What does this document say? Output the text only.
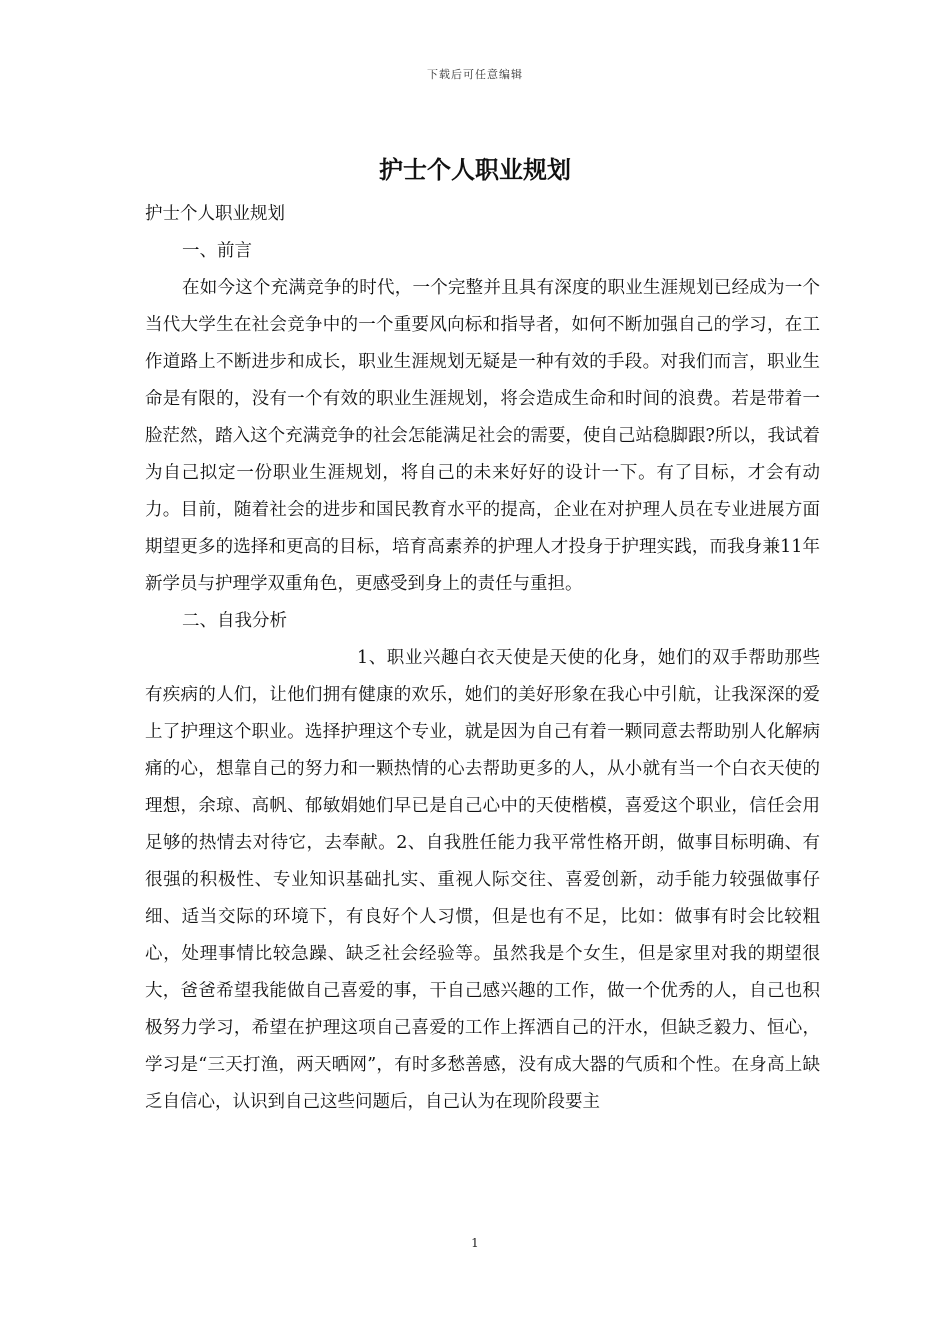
下载后可任意编辑
护士个人职业规划

护士个人职业规划

一、前言

在如今这个充满竞争的时代，一个完整并且具有深度的职业生涯规划已经成为一个当代大学生在社会竞争中的一个重要风向标和指导者，如何不断加强自己的学习，在工作道路上不断进步和成长，职业生涯规划无疑是一种有效的手段。对我们而言，职业生命是有限的，没有一个有效的职业生涯规划，将会造成生命和时间的浪费。若是带着一脸茫然，踏入这个充满竞争的社会怎能满足社会的需要，使自己站稳脚跟?所以，我试着为自己拟定一份职业生涯规划，将自己的未来好好的设计一下。有了目标，才会有动力。目前，随着社会的进步和国民教育水平的提高，企业在对护理人员在专业进展方面期望更多的选择和更高的目标，培育高素养的护理人才投身于护理实践，而我身兼11年新学员与护理学双重角色，更感受到身上的责任与重担。

二、自我分析

1、职业兴趣白衣天使是天使的化身，她们的双手帮助那些有疾病的人们，让他们拥有健康的欢乐，她们的美好形象在我心中引航，让我深深的爱上了护理这个职业。选择护理这个专业，就是因为自己有着一颗同意去帮助别人化解病痛的心，想靠自己的努力和一颗热情的心去帮助更多的人，从小就有当一个白衣天使的理想，余琼、高帆、郁敏娟她们早已是自己心中的天使楷模，喜爱这个职业，信任会用足够的热情去对待它，去奉献。2、自我胜任能力我平常性格开朗，做事目标明确、有很强的积极性、专业知识基础扎实、重视人际交往、喜爱创新，动手能力较强做事仔细、适当交际的环境下，有良好个人习惯，但是也有不足，比如：做事有时会比较粗心，处理事情比较急躁、缺乏社会经验等。虽然我是个女生，但是家里对我的期望很大，爸爸希望我能做自己喜爱的事，干自己感兴趣的工作，做一个优秀的人，自己也积极努力学习，希望在护理这项自己喜爱的工作上挥洒自己的汗水，但缺乏毅力、恒心，学习是“三天打渔，两天晒网”，有时多愁善感，没有成大器的气质和个性。在身高上缺乏自信心，认识到自己这些问题后，自己认为在现阶段要主

1
